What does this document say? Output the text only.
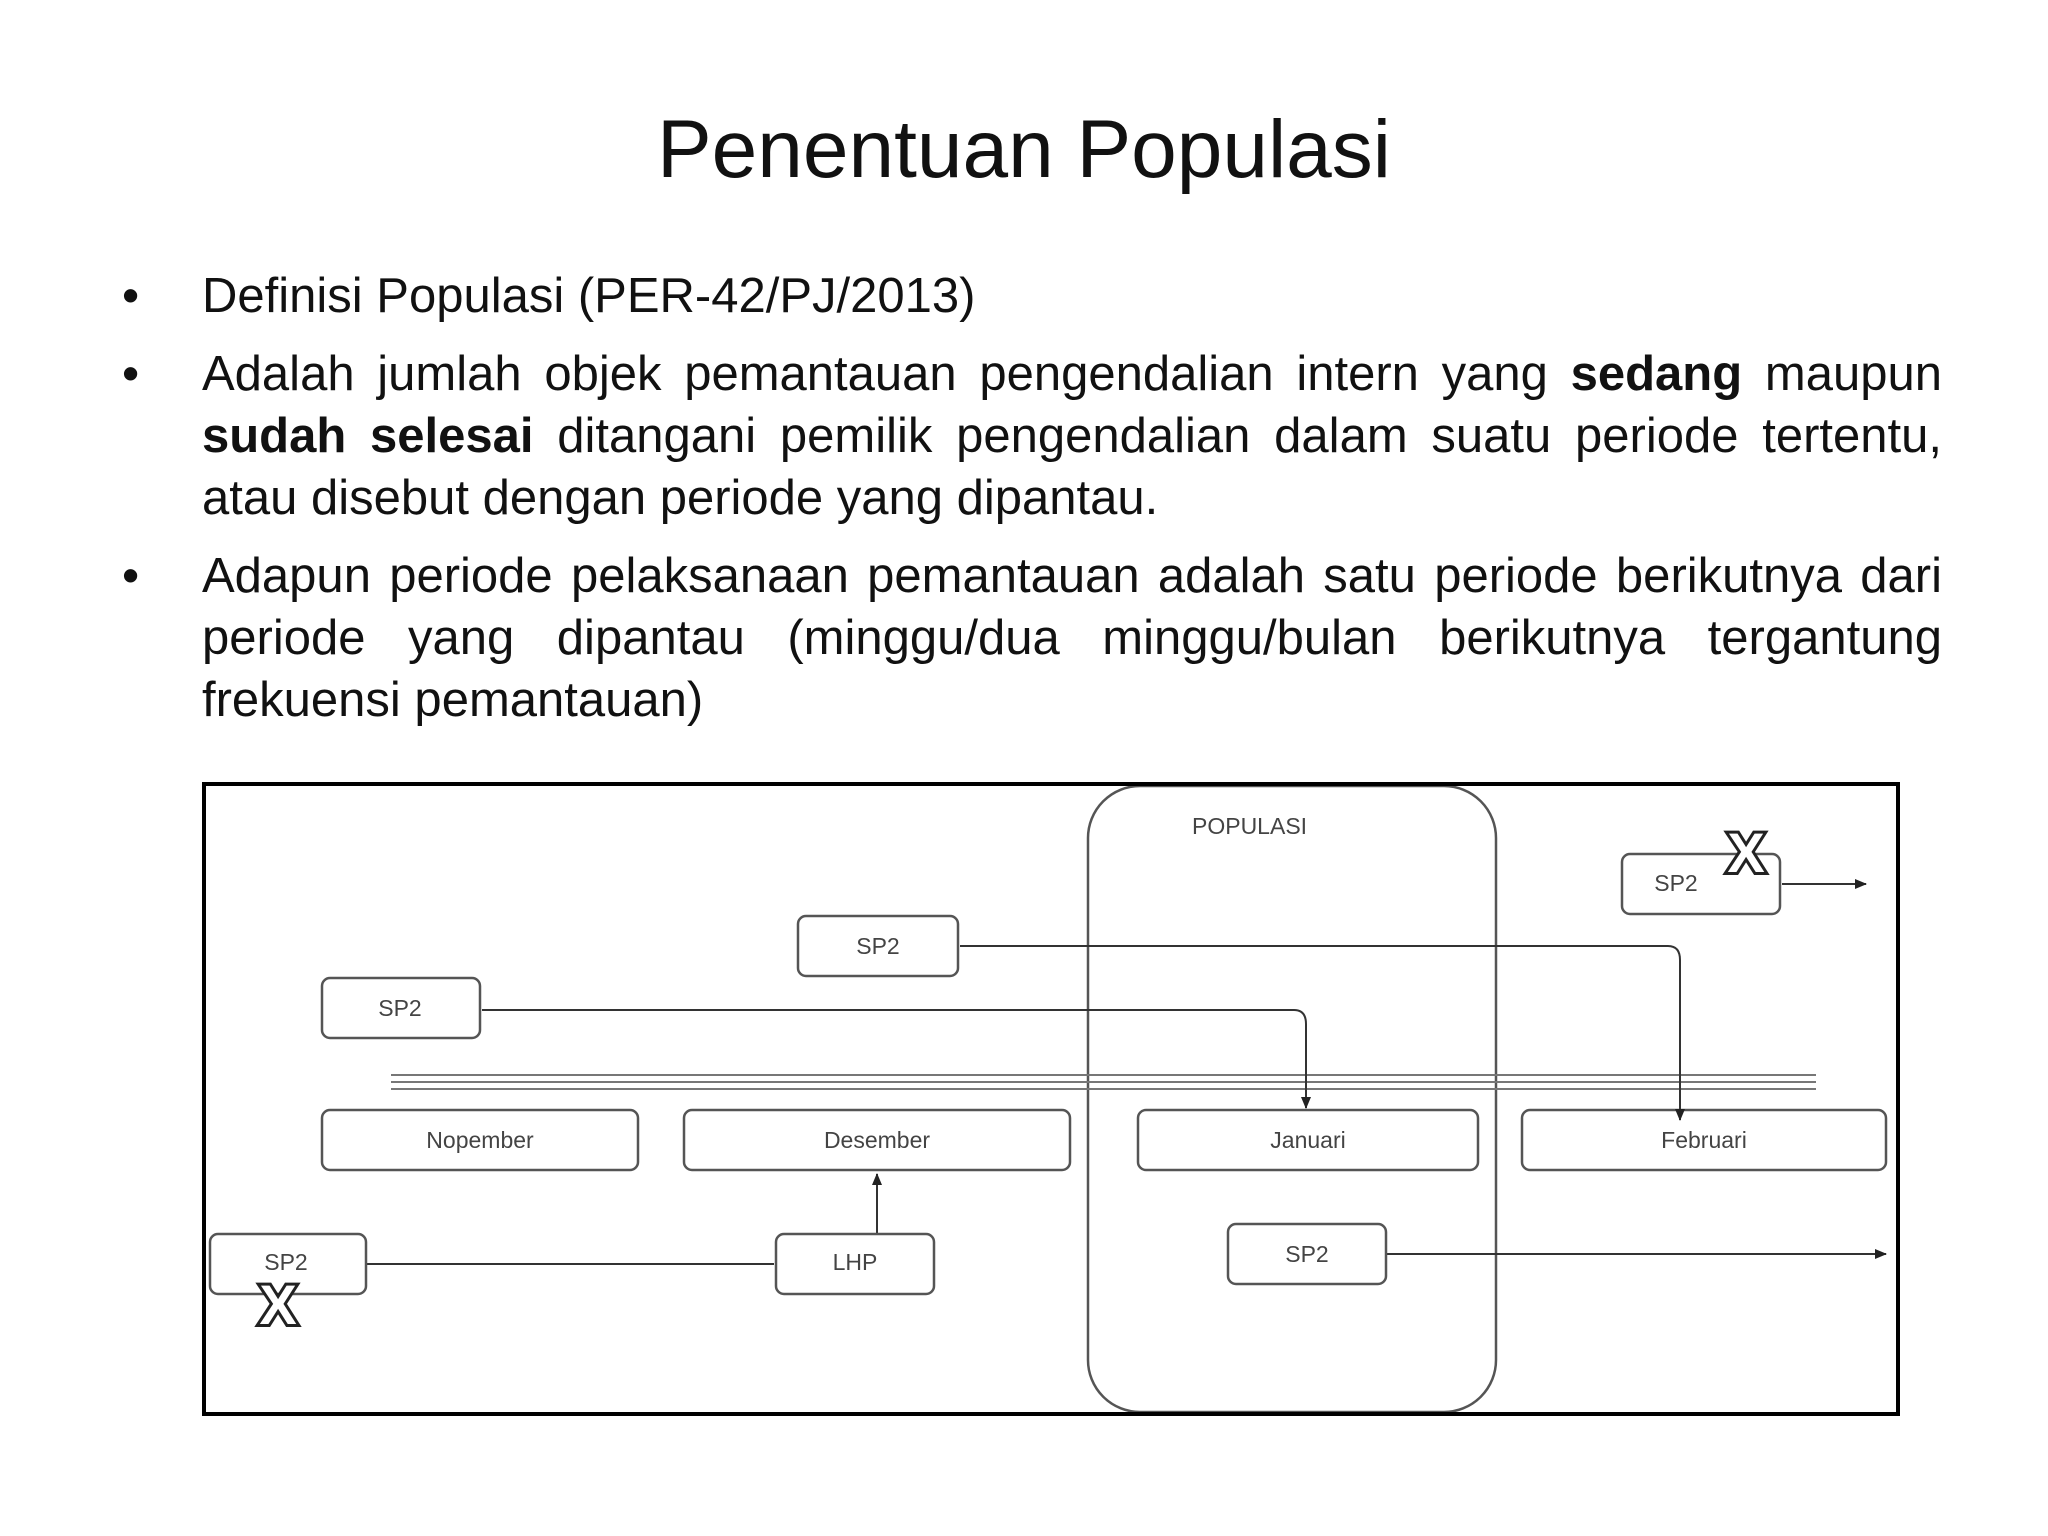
Penentuan Populasi
• Definisi Populasi (PER-42/PJ/2013)
• Adalah jumlah objek pemantauan pengendalian intern yang sedang maupun sudah selesai ditangani pemilik pengendalian dalam suatu periode tertentu, atau disebut dengan periode yang dipantau.
• Adapun periode pelaksanaan pemantauan adalah satu periode berikutnya dari periode yang dipantau (minggu/dua minggu/bulan berikutnya tergantung frekuensi pemantauan)
POPULASI
Nopember	Desember	Januari	Februari
SP2 X
SP2
SP2
SP2
X
LHP	SP2
